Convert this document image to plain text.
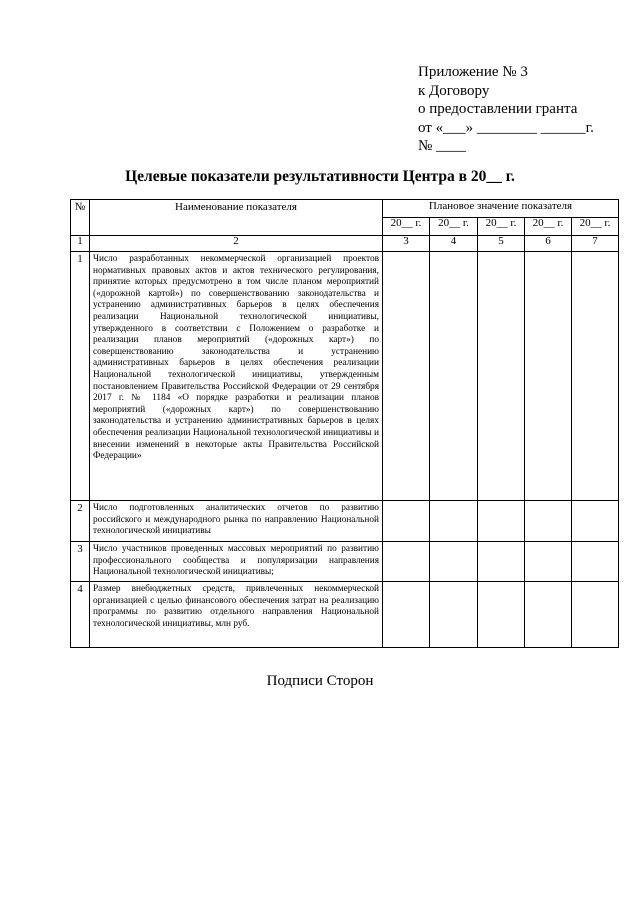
Приложение № 3
к Договору
о предоставлении гранта
от «___» ________ ______г.
№ ____
Целевые показатели результативности Центра в 20__ г.
№	Наименование показателя	Плановое значение показателя				
		20__ г.	20__ г.	20__ г.	20__ г.	20__ г.
1	2	3	4	5	6	7
1	Число разработанных некоммерческой организацией проектов нормативных правовых актов и актов технического регулирования, принятие которых предусмотрено в том числе планом мероприятий («дорожной картой») по совершенствованию законодательства и устранению административных барьеров в целях обеспечения реализации Национальной технологической инициативы, утвержденного в соответствии с Положением о разработке и реализации планов мероприятий («дорожных карт») по совершенствованию законодательства и устранению административных барьеров в целях обеспечения реализации Национальной технологической инициативы, утвержденным постановлением Правительства Российской Федерации от 29 сентября 2017 г. № 1184 «О порядке разработки и реализации планов мероприятий («дорожных карт») по совершенствованию законодательства и устранению административных барьеров в целях обеспечения реализации Национальной технологической инициативы и внесении изменений в некоторые акты Правительства Российской Федерации»					
2	Число подготовленных аналитических отчетов по развитию российского и международного рынка по направлению Национальной технологической инициативы					
3	Число участников проведенных массовых мероприятий по развитию профессионального сообщества и популяризации направления Национальной технологической инициативы;					
4	Размер внебюджетных средств, привлеченных некоммерческой организацией с целью финансового обеспечения затрат на реализацию программы по развитию отдельного направления Национальной технологической инициативы, млн руб.					
Подписи Сторон
